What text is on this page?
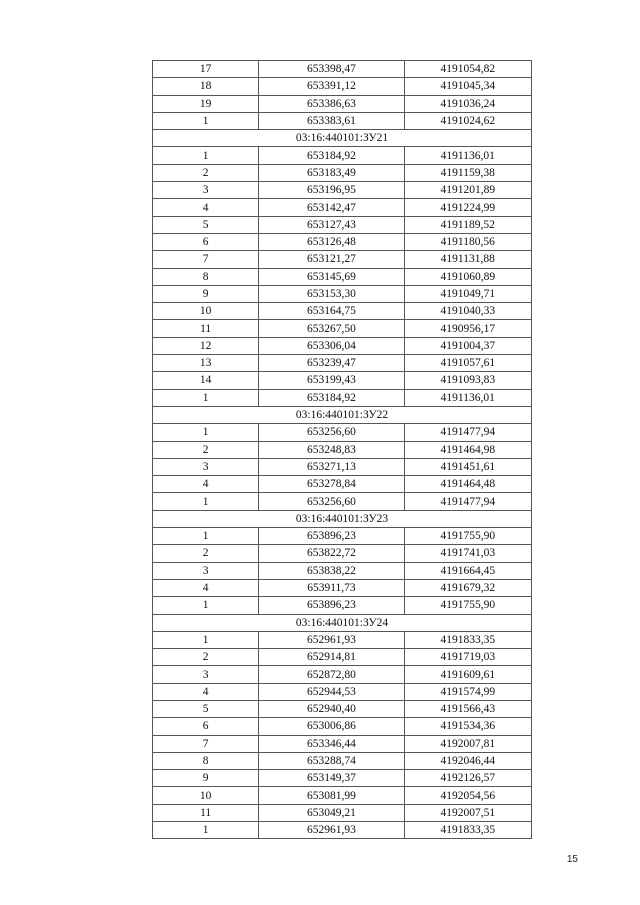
17	653398,47	4191054,82
18	653391,12	4191045,34
19	653386,63	4191036,24
1	653383,61	4191024,62
03:16:440101:ЗУ21		
1	653184,92	4191136,01
2	653183,49	4191159,38
3	653196,95	4191201,89
4	653142,47	4191224,99
5	653127,43	4191189,52
6	653126,48	4191180,56
7	653121,27	4191131,88
8	653145,69	4191060,89
9	653153,30	4191049,71
10	653164,75	4191040,33
11	653267,50	4190956,17
12	653306,04	4191004,37
13	653239,47	4191057,61
14	653199,43	4191093,83
1	653184,92	4191136,01
03:16:440101:ЗУ22		
1	653256,60	4191477,94
2	653248,83	4191464,98
3	653271,13	4191451,61
4	653278,84	4191464,48
1	653256,60	4191477,94
03:16:440101:ЗУ23		
1	653896,23	4191755,90
2	653822,72	4191741,03
3	653838,22	4191664,45
4	653911,73	4191679,32
1	653896,23	4191755,90
03:16:440101:ЗУ24		
1	652961,93	4191833,35
2	652914,81	4191719,03
3	652872,80	4191609,61
4	652944,53	4191574,99
5	652940,40	4191566,43
6	653006,86	4191534,36
7	653346,44	4192007,81
8	653288,74	4192046,44
9	653149,37	4192126,57
10	653081,99	4192054,56
11	653049,21	4192007,51
1	652961,93	4191833,35
15
